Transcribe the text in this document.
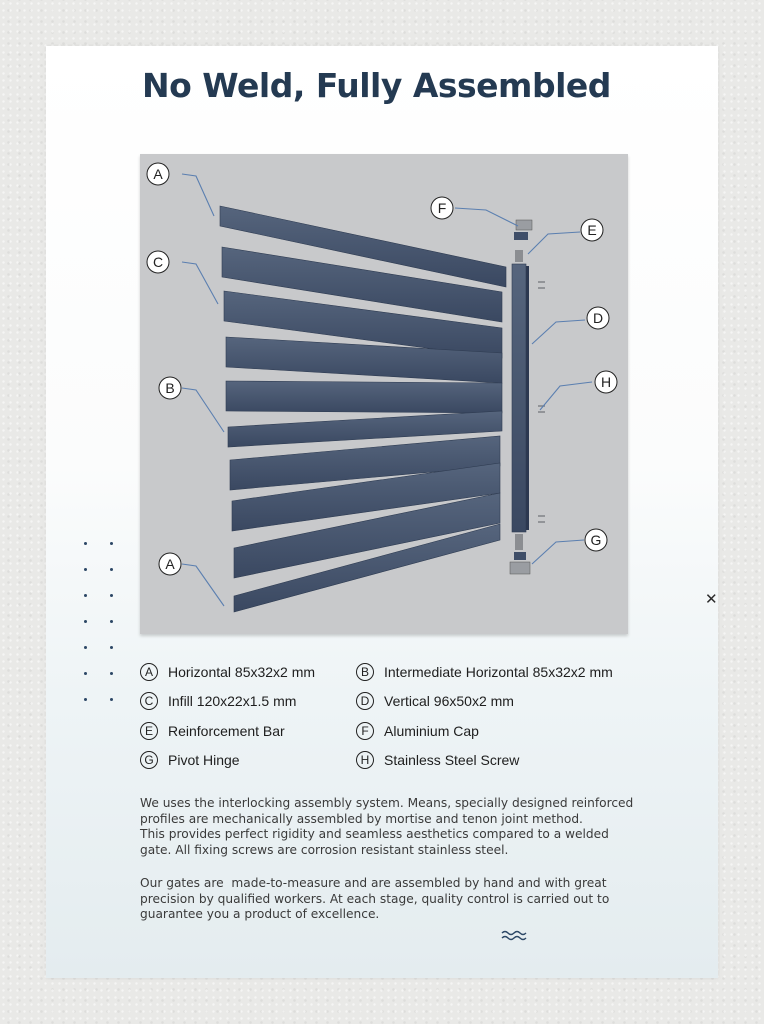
No Weld, Fully Assembled
A
C
B
A
F
E
D
H
G
✕
A	Horizontal 85x32x2 mm	B	Intermediate Horizontal 85x32x2 mm
C	Infill 120x22x1.5 mm	D	Vertical 96x50x2 mm
E	Reinforcement Bar	F	Aluminium Cap
G	Pivot Hinge	H	Stainless Steel Screw

We uses the interlocking assembly system. Means, specially designed reinforced
profiles are mechanically assembled by mortise and tenon joint method.
This provides perfect rigidity and seamless aesthetics compared to a welded
gate. All fixing screws are corrosion resistant stainless steel.

Our gates are  made-to-measure and are assembled by hand and with great
precision by qualified workers. At each stage, quality control is carried out to
guarantee you a product of excellence.
